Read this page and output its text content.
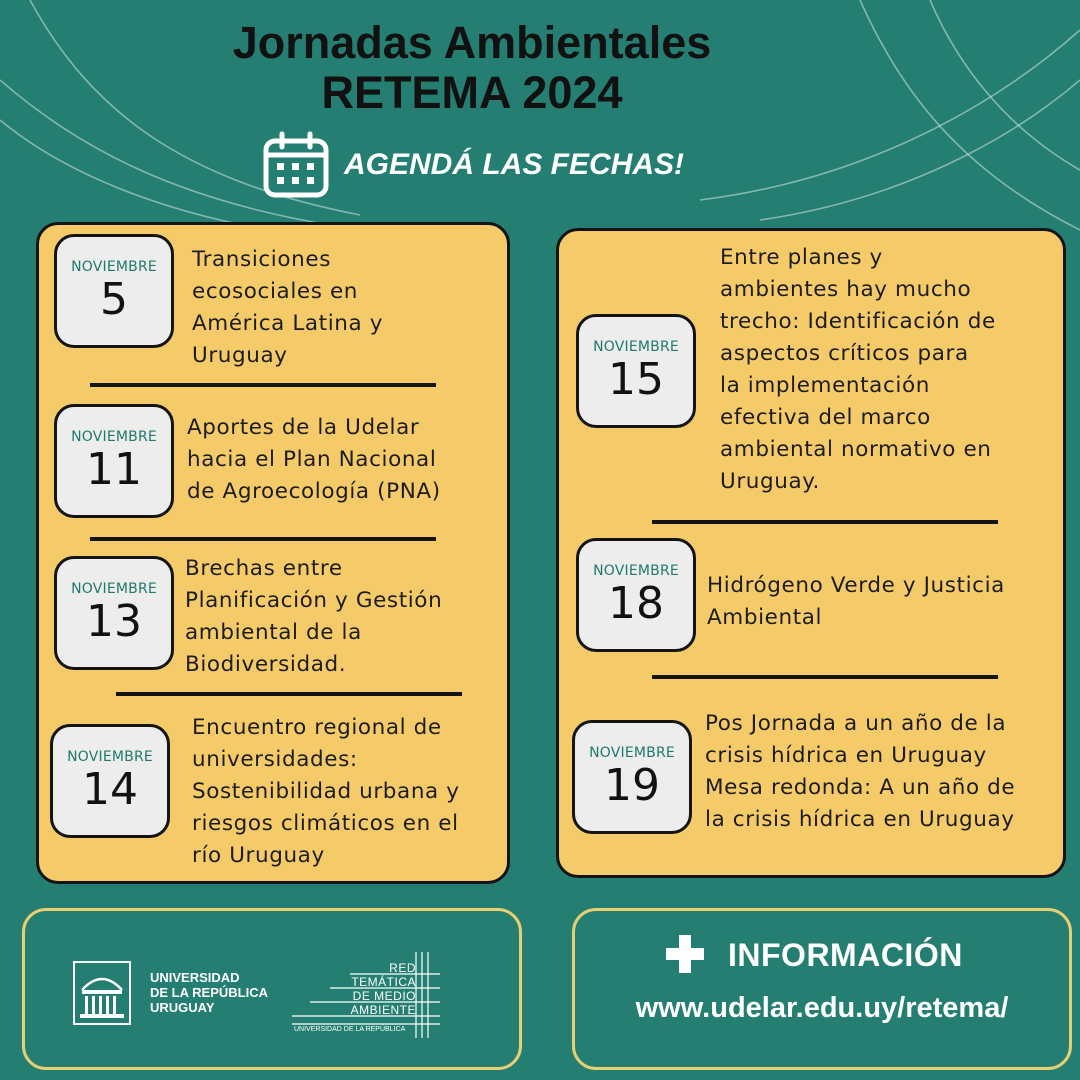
Jornadas Ambientales
RETEMA 2024
AGENDÁ LAS FECHAS!
NOVIEMBRE
5

Transiciones
ecosociales en
América Latina y
Uruguay

NOVIEMBRE
11

Aportes de la Udelar
hacia el Plan Nacional
de Agroecología (PNA)

NOVIEMBRE
13

Brechas entre
Planificación y Gestión
ambiental de la
Biodiversidad.

NOVIEMBRE
14

Encuentro regional de
universidades:
Sostenibilidad urbana y
riesgos climáticos en el
río Uruguay

NOVIEMBRE
15

Entre planes y
ambientes hay mucho
trecho: Identificación de
aspectos críticos para
la implementación
efectiva del marco
ambiental normativo en
Uruguay.

NOVIEMBRE
18	Hidrógeno Verde y Justicia
Ambiental

NOVIEMBRE
19

Pos Jornada a un año de la
crisis hídrica en Uruguay
Mesa redonda: A un año de
la crisis hídrica en Uruguay

UNIVERSIDAD
DE LA REPÚBLICA
URUGUAY
RED
TEMÁTICA
DE MEDIO
AMBIENTE
UNIVERSIDAD DE LA REPÚBLICA
INFORMACIÓN
www.udelar.edu.uy/retema/
